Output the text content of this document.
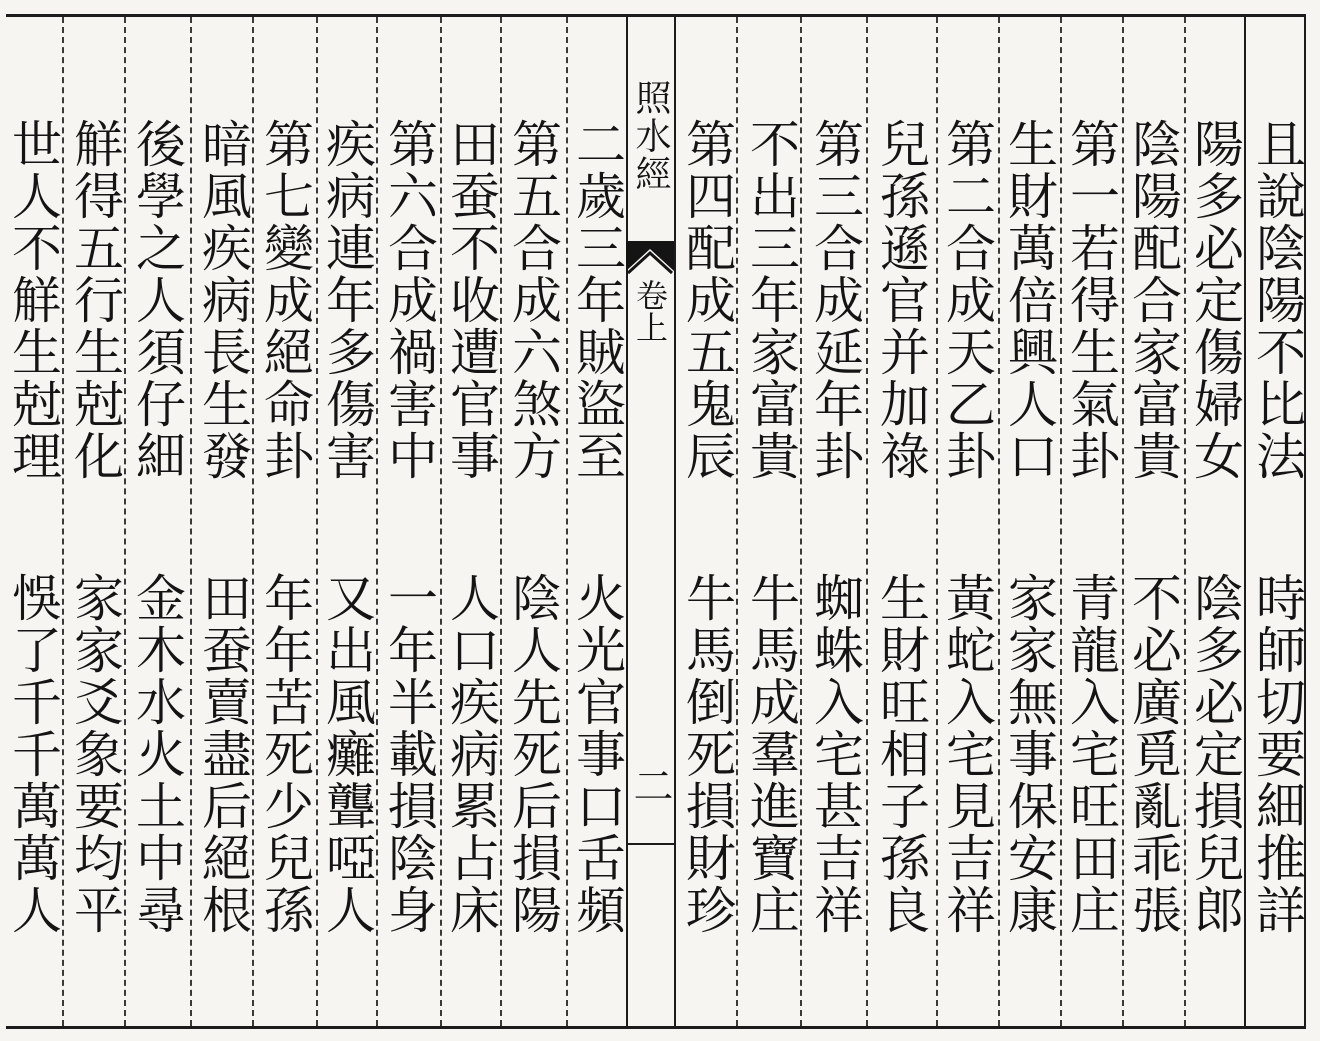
且說陰陽不比法
時師切要細推詳
陽多必定傷婦女
陰多必定損兒郎
陰陽配合家富貴
不必廣覓亂乖張
第一若得生氣卦
青龍入宅旺田庄
生財萬倍興人口
家家無事保安康
第二合成天乙卦
黃蛇入宅見吉祥
兒孫遜官并加祿
生財旺相子孫良
第三合成延年卦
蜘蛛入宅甚吉祥
不出三年家富貴
牛馬成羣進寶庄
第四配成五鬼辰
牛馬倒死損財珍
照水經
卷上
二
二歲三年賊盜至
火光官事口舌頻
第五合成六煞方
陰人先死后損陽
田蚕不收遭官事
人口疾病累占床
第六合成禍害中
一年半載損陰身
疾病連年多傷害
又出風癱聾啞人
第七變成絕命卦
年年苦死少兒孫
暗風疾病長生發
田蚕賣盡后絕根
後學之人須仔細
金木水火土中尋
觧得五行生尅化
家家爻象要均平
世人不觧生尅理
悞了千千萬萬人
